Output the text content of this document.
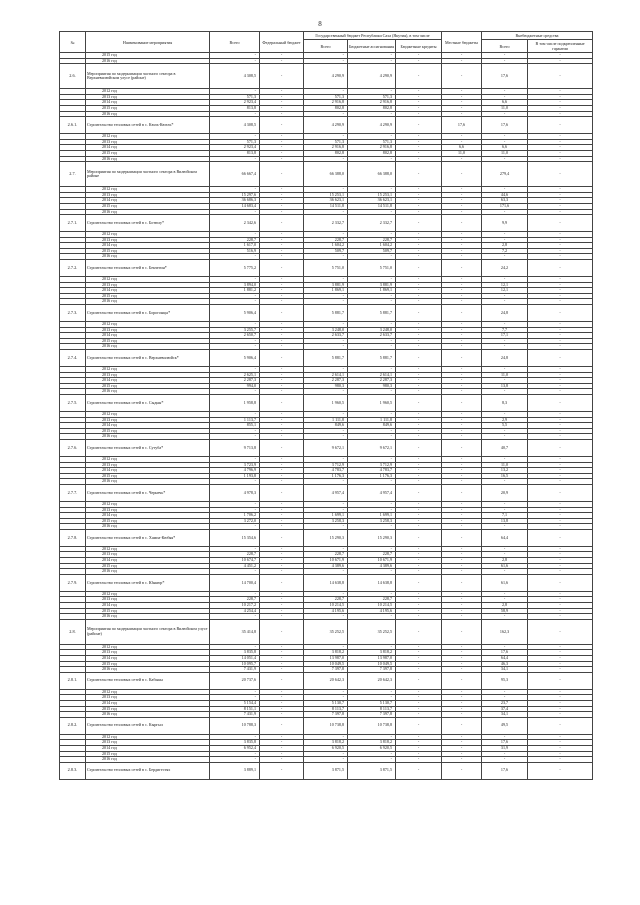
8
№	Наименование мероприятия	Всего	Федеральный бюджет	Государственный бюджет Республики Саха (Якутия), в том числе			Местные бюджеты	Внебюджетные средства	
				Всего	Бюджетные ассигнования	Бюджетные кредиты		Всего	В том числе подкрепленные гарантии
	2015 год	-	-	-	-	-	-	-	-
	2016 год	-	-	-	-	-	-	-	-
2.6.	Мероприятия по модернизации частного сектора в Верхневилюйском улусе (районе)	4 308,5	-	4 290,9	4 290,9	-	-	17,6	-
	2012 год	-	-	-	-	-	-	-	-
	2013 год	571,3	-	571,3	571,3	-	-	-	-
	2014 год	2 923,4	-	2 916,8	2 916,8	-	-	6,6	-
	2015 год	813,8	-	802,8	802,8	-	-	11,0	-
	2016 год	-	-	-	-	-	-	-	-
2.6.1.	Строительство тепловых сетей в с. Кюль-Кюель*	4 308,5	-	4 290,9	4 290,9	-	17,6	17,6	-
	2012 год	-	-	-	-	-	-	-	-
	2013 год	571,3	-	571,3	571,3	-	-	-	-
	2014 год	2 923,4	-	2 916,8	2 916,8	-	6,6	6,6	-
	2015 год	813,8	-	802,8	802,8	-	11,0	11,0	-
	2016 год	-	-	-	-	-	-	-	-
2.7.	Мероприятия по модернизации частного сектора в Вилюйском районе	66 667,4	-	66 388,0	66 388,0	-	-	279,4	-
	2012 год	-	-	-	-	-	-	-	-
	2013 год	15 297,6	-	15 253,1	15 253,1	-	-	44,6	-
	2014 год	36 686,3	-	36 623,1	36 623,1	-	-	63,3	-
	2015 год	14 683,4	-	14 511,8	14 511,8	-	-	171,6	-
	2016 год	-	-	-	-	-	-	-	-
2.7.1.	Строительство тепловых сетей в с. Ботюлу*	2 342,6	-	2 332,7	2 332,7	-	-	9,9	-
	2012 год	-	-	-	-	-	-	-	-
	2013 год	228,7	-	228,7	228,7	-	-	-	-
	2014 год	1 617,0	-	1 604,2	1 604,2	-	-	2,8	-
	2015 год	516,9	-	509,7	509,7	-	-	7,2	-
	2016 год	-	-	-	-	-	-	-	-
2.7.2.	Строительство тепловых сетей в с. Бекчегин*	5 775,2	-	5 751,0	5 751,0	-	-	24,2	-
	2012 год	-	-	-	-	-	-	-	-
	2013 год	3 894,0	-	3 881,9	3 881,9	-	-	12,1	-
	2014 год	1 881,2	-	1 869,1	1 869,1	-	-	12,1	-
	2015 год	-	-	-	-	-	-	-	-
	2016 год	-	-	-	-	-	-	-	-
2.7.3.	Строительство тепловых сетей в с. Борогонцы*	5 906,4	-	5 881,7	5 881,7	-	-	24,8	-
	2012 год	-	-	-	-	-	-	-	-
	2013 год	3 255,7	-	3 248,0	3 248,0	-	-	7,7	-
	2014 год	2 650,7	-	2 633,7	2 633,7	-	-	17,1	-
	2015 год	-	-	-	-	-	-	-	-
	2016 год	-	-	-	-	-	-	-	-
2.7.4.	Строительство тепловых сетей в с. Верхневилюйск*	5 906,4	-	5 881,7	5 881,7	-	-	24,8	-
	2012 год	-	-	-	-	-	-	-	-
	2013 год	2 625,1	-	2 614,1	2 614,1	-	-	11,0	-
	2014 год	2 287,3	-	2 287,3	2 287,3	-	-	-	-
	2015 год	994,0	-	980,3	980,3	-	-	13,8	-
	2016 год	-	-	-	-	-	-	-	-
2.7.5.	Строительство тепловых сетей в с. Сыдын*	1 958,8	-	1 960,5	1 960,5	-	-	8,3	-
	2012 год	-	-	-	-	-	-	-	-
	2013 год	1 113,7	-	1 111,8	1 111,8	-	-	2,9	-
	2014 год	855,1	-	849,6	849,6	-	-	5,5	-
	2015 год	-	-	-	-	-	-	-	-
	2016 год	-	-	-	-	-	-	-	-
2.7.6.	Строительство тепловых сетей в с. Сутуба*	9 713,8	-	9 672,1	9 672,1	-	-	40,7	-
	2012 год	-	-	-	-	-	-	-	-
	2013 год	3 723,9	-	3 712,9	3 712,9	-	-	11,0	-
	2014 год	4 796,9	-	4 783,7	4 783,7	-	-	13,2	-
	2015 год	1 193,8	-	1 176,3	1 176,3	-	-	16,5	-
	2016 год	-	-	-	-	-	-	-	-
2.7.7.	Строительство тепловых сетей в с. Чернечь*	4 978,3	-	4 957,4	4 957,4	-	-	20,9	-
	2012 год	-	-	-	-	-	-	-	-
	2013 год	-	-	-	-	-	-	-	-
	2014 год	1 706,2	-	1 699,1	1 699,1	-	-	7,1	-
	2015 год	3 272,0	-	3 258,3	3 258,3	-	-	13,8	-
	2016 год	-	-	-	-	-	-	-	-
2.7.8.	Строительство тепловых сетей в с. Хампа-Кюбяя*	15 354,6	-	15 290,3	15 290,3	-	-	64,4	-
	2012 год	-	-	-	-	-	-	-	-
	2013 год	228,7	-	228,7	228,7	-	-	-	-
	2014 год	10 674,7	-	10 671,9	10 671,9	-	-	2,8	-
	2015 год	4 451,2	-	4 389,6	4 389,6	-	-	61,6	-
	2016 год	-	-	-	-	-	-	-	-
2.7.9.	Строительство тепловых сетей в с. Юнкюр*	14 700,4	-	14 638,8	14 638,8	-	-	61,6	-
	2012 год	-	-	-	-	-	-	-	-
	2013 год	228,7	-	228,7	228,7	-	-	-	-
	2014 год	10 217,2	-	10 214,5	10 214,5	-	-	2,8	-
	2015 год	4 254,4	-	4 195,6	4 195,6	-	-	58,9	-
	2016 год	-	-	-	-	-	-	-	-
2.8.	Мероприятия по модернизации частного сектора в Вилюйском улусе (районе)	35 414,8	-	35 252,5	35 252,5	-	-	162,3	-
	2012 год	-	-	-	-	-	-	-	-
	2013 год	3 835,8	-	3 818,2	3 818,2	-	-	17,6	-
	2014 год	14 051,4	-	13 987,0	13 987,0	-	-	64,4	-
	2015 год	10 095,7	-	10 049,5	10 049,5	-	-	46,3	-
	2016 год	7 431,9	-	7 397,8	7 397,8	-	-	34,1	-
2.8.1.	Строительство тепловых сетей в с. Кабыкы	20 737,6	-	20 642,3	20 642,3	-	-	95,3	-
	2012 год	-	-	-	-	-	-	-	-
	2013 год	-	-	-	-	-	-	-	-
	2014 год	5 154,4	-	5 130,7	5 130,7	-	-	23,7	-
	2015 год	8 151,1	-	8 113,7	8 113,7	-	-	37,4	-
	2016 год	7 431,9	-	7 397,8	7 397,8	-	-	34,1	-
2.8.2.	Строительство тепловых сетей в с. Кыргыл	10 788,3	-	10 738,8	10 738,8	-	-	49,5	-
	2012 год	-	-	-	-	-	-	-	-
	2013 год	3 835,8	-	3 818,2	3 818,2	-	-	17,6	-
	2014 год	6 952,4	-	6 920,5	6 920,5	-	-	31,9	-
	2015 год	-	-	-	-	-	-	-	-
	2016 год	-	-	-	-	-	-	-	-
2.8.3.	Строительство тепловых сетей в с. Бердигестях	3 889,1	-	3 871,5	3 871,5	-	-	17,6	-
